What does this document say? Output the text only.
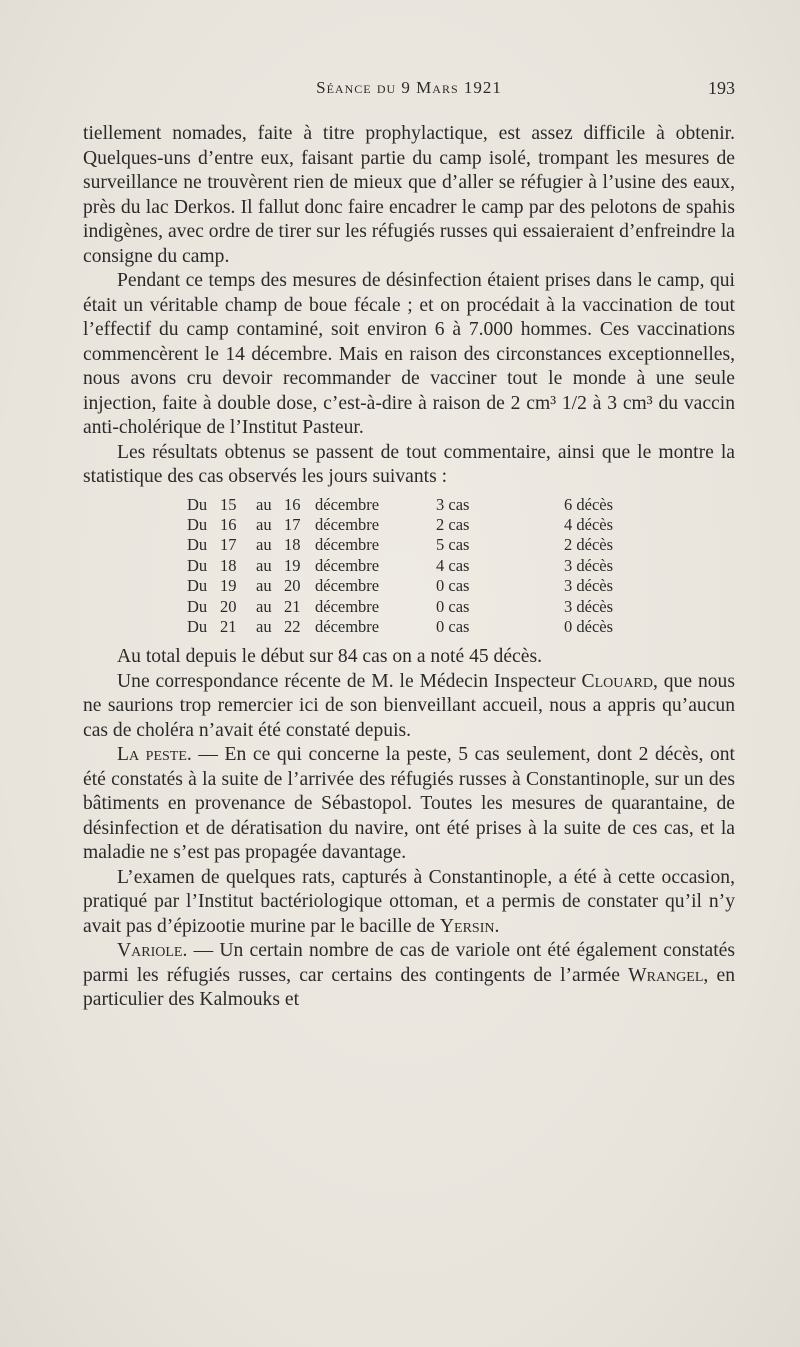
Séance du 9 Mars 1921	193

tiellement nomades, faite à titre prophylactique, est assez difficile à obtenir. Quelques-uns d’entre eux, faisant partie du camp isolé, trompant les mesures de surveillance ne trouvèrent rien de mieux que d’aller se réfugier à l’usine des eaux, près du lac Derkos. Il fallut donc faire encadrer le camp par des pelotons de spahis indigènes, avec ordre de tirer sur les réfugiés russes qui essaieraient d’enfreindre la consigne du camp.

Pendant ce temps des mesures de désinfection étaient prises dans le camp, qui était un véritable champ de boue fécale ; et on procédait à la vaccination de tout l’effectif du camp contaminé, soit environ 6 à 7.000 hommes. Ces vaccinations commencèrent le 14 décembre. Mais en raison des circonstances exceptionnelles, nous avons cru devoir recommander de vacciner tout le monde à une seule injection, faite à double dose, c’est-à-dire à raison de 2 cm³ 1/2 à 3 cm³ du vaccin anti-cholérique de l’Institut Pasteur.

Les résultats obtenus se passent de tout commentaire, ainsi que le montre la statistique des cas observés les jours suivants :

Du	15	au	16	décembre	3 cas	6 décès
Du	16	au	17	décembre	2 cas	4 décès
Du	17	au	18	décembre	5 cas	2 décès
Du	18	au	19	décembre	4 cas	3 décès
Du	19	au	20	décembre	0 cas	3 décès
Du	20	au	21	décembre	0 cas	3 décès
Du	21	au	22	décembre	0 cas	0 décès

Au total depuis le début sur 84 cas on a noté 45 décès.

Une correspondance récente de M. le Médecin Inspecteur Clouard, que nous ne saurions trop remercier ici de son bienveillant accueil, nous a appris qu’aucun cas de choléra n’avait été constaté depuis.

La peste. — En ce qui concerne la peste, 5 cas seulement, dont 2 décès, ont été constatés à la suite de l’arrivée des réfugiés russes à Constantinople, sur un des bâtiments en provenance de Sébastopol. Toutes les mesures de quarantaine, de désinfection et de dératisation du navire, ont été prises à la suite de ces cas, et la maladie ne s’est pas propagée davantage.

L’examen de quelques rats, capturés à Constantinople, a été à cette occasion, pratiqué par l’Institut bactériologique ottoman, et a permis de constater qu’il n’y avait pas d’épizootie murine par le bacille de Yersin.

Variole. — Un certain nombre de cas de variole ont été également constatés parmi les réfugiés russes, car certains des contingents de l’armée Wrangel, en particulier des Kalmouks et
